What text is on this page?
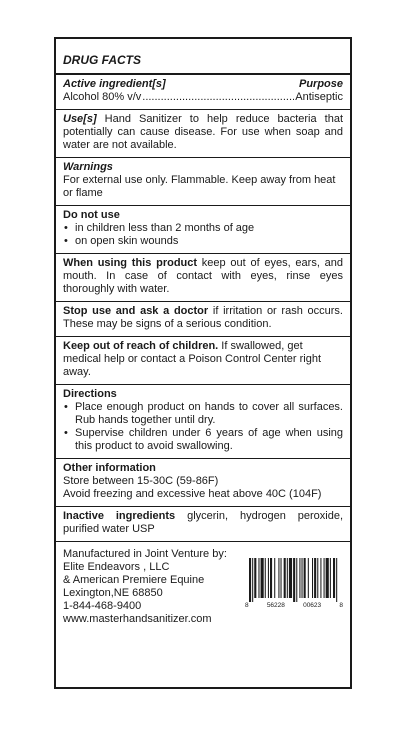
DRUG FACTS
Active ingredient[s]	Purpose
Alcohol 80% v/v
.....	Antiseptic
Use[s] Hand Sanitizer to help reduce bacteria that potentially can cause disease. For use when soap and water are not available.
Warnings
For external use only. Flammable. Keep away from heat or flame
Do not use
• in children less than 2 months of age
• on open skin wounds
When using this product keep out of eyes, ears, and mouth. In case of contact with eyes, rinse eyes thoroughly with water.
Stop use and ask a doctor if irritation or rash occurs. These may be signs of a serious condition.
Keep out of reach of children. If swallowed, get medical help or contact a Poison Control Center right away.
Directions
• Place enough product on hands to cover all surfaces. Rub hands together until dry.
• Supervise children under 6 years of age when using this product to avoid swallowing.
Other information
Store between 15-30C (59-86F)
Avoid freezing and excessive heat above 40C (104F)
Inactive ingredients glycerin, hydrogen peroxide, purified water USP
Manufactured in Joint Venture by:
Elite Endeavors , LLC
& American Premiere Equine
Lexington,NE 68850
1-844-468-9400
www.masterhandsanitizer.com
8	56228	00623	8
